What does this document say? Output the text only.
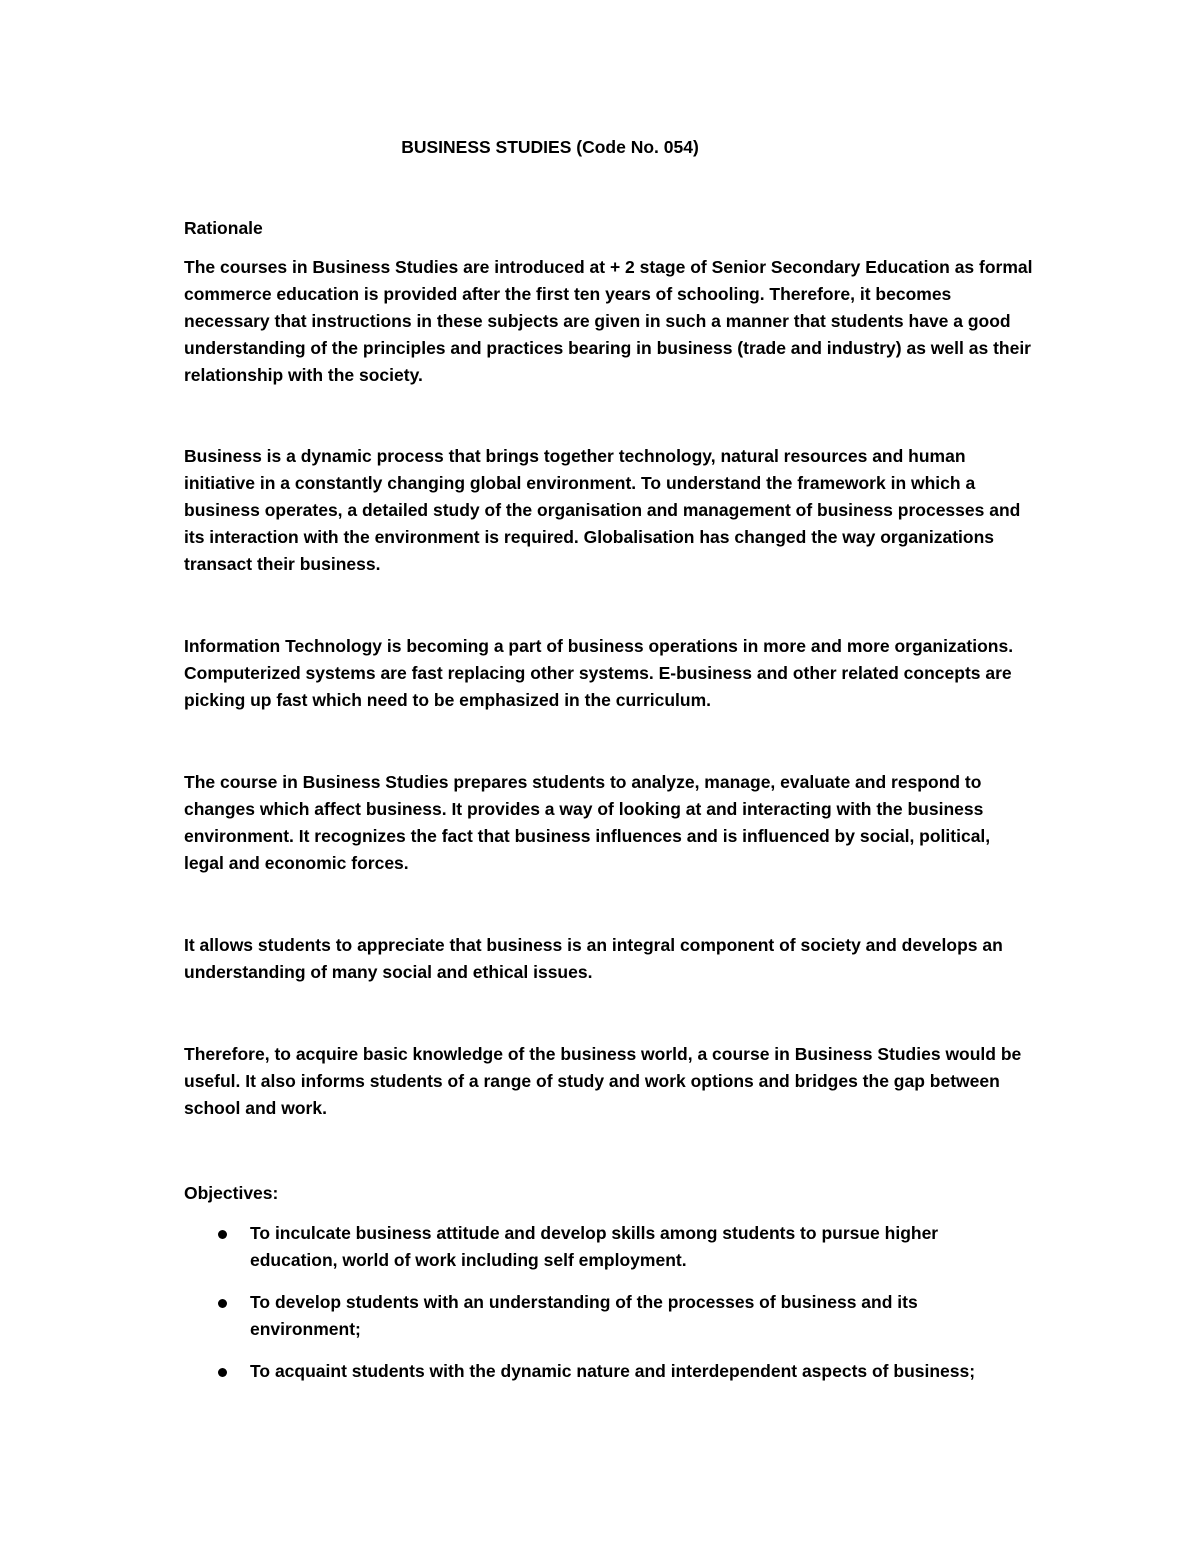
BUSINESS STUDIES (Code No. 054)
Rationale

The courses in Business Studies are introduced at + 2 stage of Senior Secondary Education as formal
commerce education is provided after the first ten years of schooling. Therefore, it becomes
necessary that instructions in these subjects are given in such a manner that students have a good
understanding of the principles and practices bearing in business (trade and industry) as well as their
relationship with the society.

Business is a dynamic process that brings together technology, natural resources and human
initiative in a constantly changing global environment. To understand the framework in which a
business operates, a detailed study of the organisation and management of business processes and
its interaction with the environment is required. Globalisation has changed the way organizations
transact their business.

Information Technology is becoming a part of business operations in more and more organizations.
Computerized systems are fast replacing other systems. E-business and other related concepts are
picking up fast which need to be emphasized in the curriculum.

The course in Business Studies prepares students to analyze, manage, evaluate and respond to
changes which affect business. It provides a way of looking at and interacting with the business
environment. It recognizes the fact that business influences and is influenced by social, political,
legal and economic forces.

It allows students to appreciate that business is an integral component of society and develops an
understanding of many social and ethical issues.

Therefore, to acquire basic knowledge of the business world, a course in Business Studies would be
useful. It also informs students of a range of study and work options and bridges the gap between
school and work.

Objectives:
To inculcate business attitude and develop skills among students to pursue higher
education, world of work including self employment.
To develop students with an understanding of the processes of business and its
environment;
To acquaint students with the dynamic nature and interdependent aspects of business;
